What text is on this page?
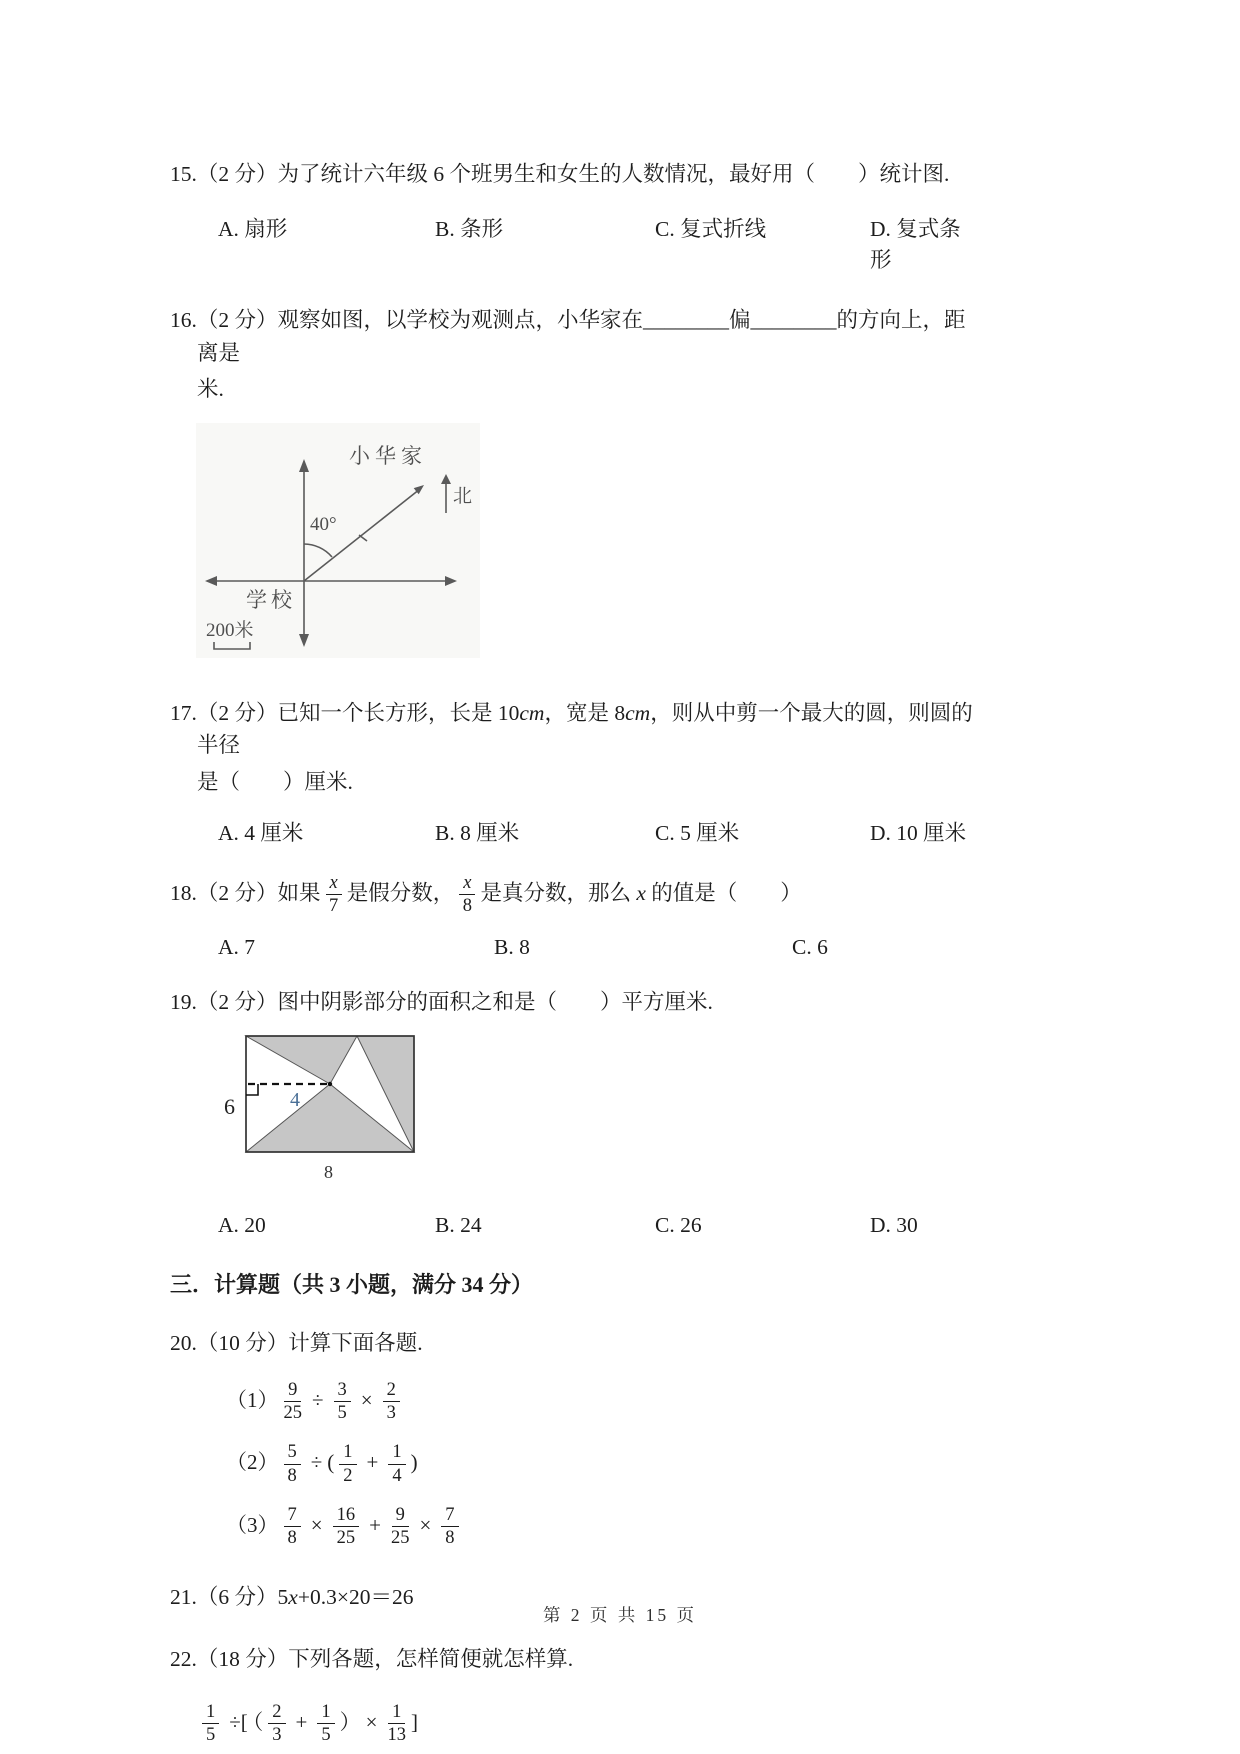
15.（2 分）为了统计六年级 6 个班男生和女生的人数情况，最好用（　　）统计图.
A. 扇形	B. 条形	C. 复式折线	D. 复式条形
16.（2 分）观察如图，以学校为观测点，小华家在________偏________的方向上，距离是
米.
小华家
北
40°
学校
200米
17.（2 分）已知一个长方形，长是 10cm，宽是 8cm，则从中剪一个最大的圆，则圆的半径
是（　　）厘米.
A. 4 厘米	B. 8 厘米	C. 5 厘米	D. 10 厘米
18.（2 分）如果 $\frac{x}{7}$ 是假分数， $\frac{x}{8}$ 是真分数，那么 x 的值是（　　）
A. 7	B. 8	C. 6
19.（2 分）图中阴影部分的面积之和是（　　）平方厘米.
6	4
8
A. 20	B. 24	C. 26	D. 30
三．计算题（共 3 小题，满分 34 分）
20.（10 分）计算下面各题.
$(1) \frac{9}{25} \div \frac{3}{5} \times \frac{2}{3}$
$(2) \frac{5}{8}$ ÷ ( $\frac{1}{2} + \frac{1}{4}$ )
$(3) \frac{7}{8} \times \frac{16}{25} + \frac{9}{25} \times \frac{7}{8}$
21.（6 分）5x+0.3×20＝26
22.（18 分）下列各题，怎样简便就怎样算.
$\frac{1}{5}$ ÷[ （ $\frac{2}{3} + \frac{1}{5}$ ） × $\frac{1}{13}$ ]
第 2 页 共 15 页
